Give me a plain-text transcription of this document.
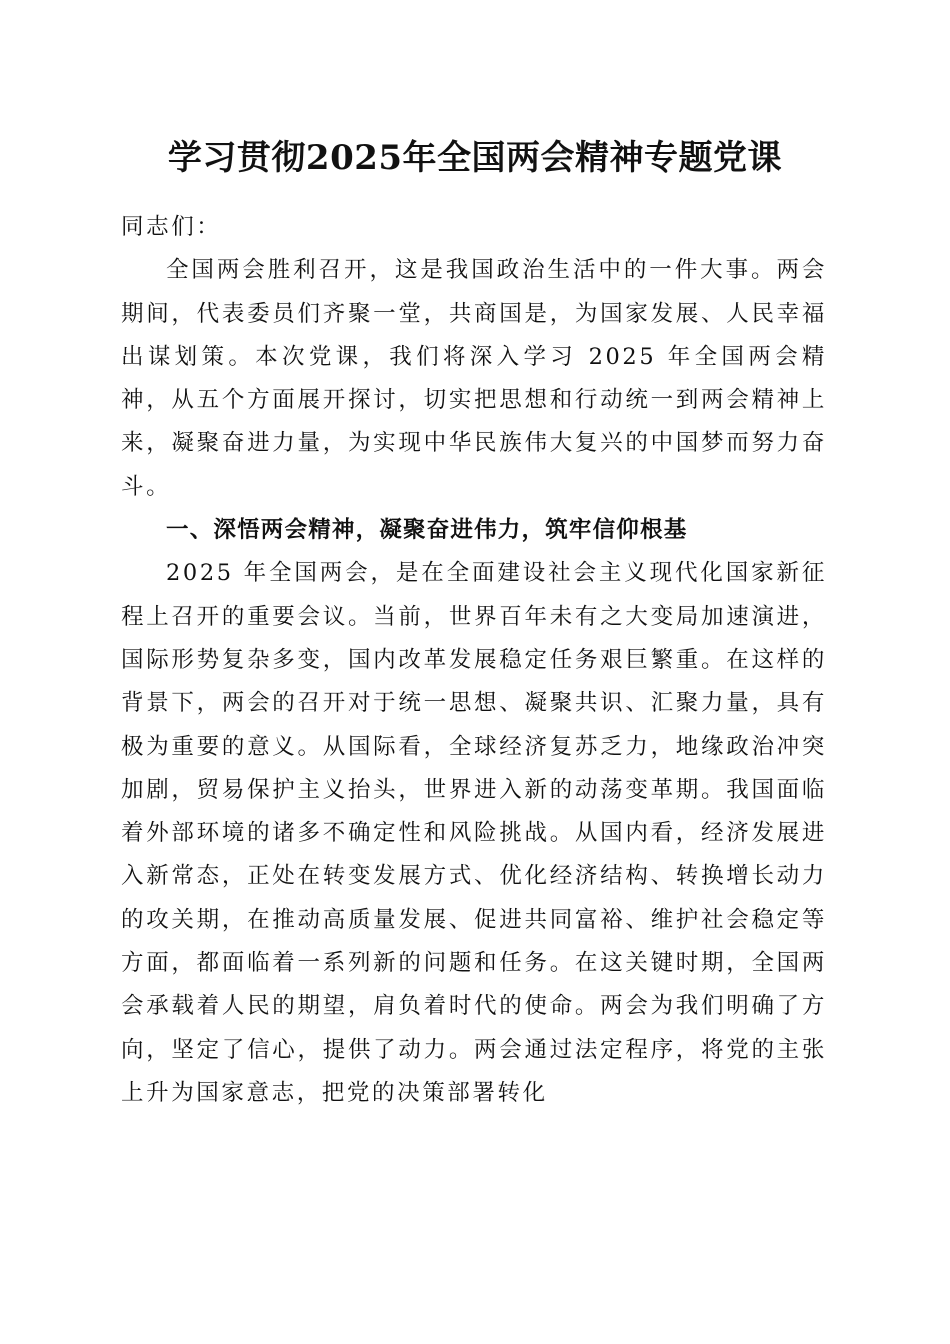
学习贯彻2025年全国两会精神专题党课

同志们：

全国两会胜利召开，这是我国政治生活中的一件大事。两会期间，代表委员们齐聚一堂，共商国是，为国家发展、人民幸福出谋划策。本次党课，我们将深入学习 2025 年全国两会精神，从五个方面展开探讨，切实把思想和行动统一到两会精神上来，凝聚奋进力量，为实现中华民族伟大复兴的中国梦而努力奋斗。

一、深悟两会精神，凝聚奋进伟力，筑牢信仰根基

2025 年全国两会，是在全面建设社会主义现代化国家新征程上召开的重要会议。当前，世界百年未有之大变局加速演进，国际形势复杂多变，国内改革发展稳定任务艰巨繁重。在这样的背景下，两会的召开对于统一思想、凝聚共识、汇聚力量，具有极为重要的意义。从国际看，全球经济复苏乏力，地缘政治冲突加剧，贸易保护主义抬头，世界进入新的动荡变革期。我国面临着外部环境的诸多不确定性和风险挑战。从国内看，经济发展进入新常态，正处在转变发展方式、优化经济结构、转换增长动力的攻关期，在推动高质量发展、促进共同富裕、维护社会稳定等方面，都面临着一系列新的问题和任务。在这关键时期，全国两会承载着人民的期望，肩负着时代的使命。两会为我们明确了方向，坚定了信心，提供了动力。两会通过法定程序，将党的主张上升为国家意志，把党的决策部署转化
